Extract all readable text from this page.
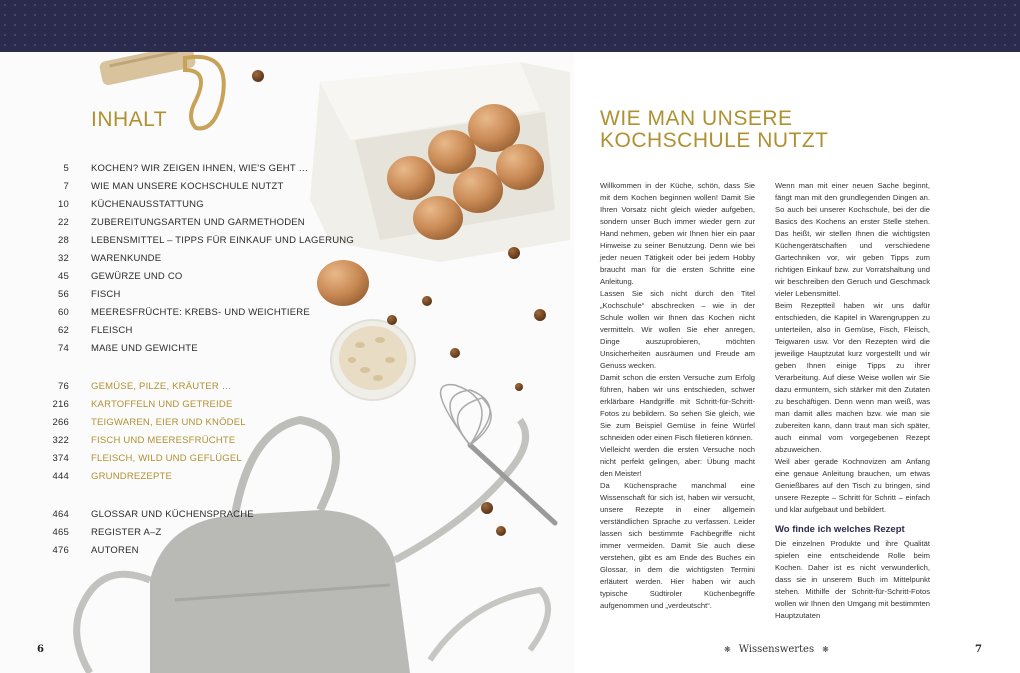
INHALT
5 KOCHEN? WIR ZEIGEN IHNEN, WIE'S GEHT …
7 WIE MAN UNSERE KOCHSCHULE NUTZT
10 KÜCHENAUSSTATTUNG
22 ZUBEREITUNGSARTEN UND GARMETHODEN
28 LEBENSMITTEL – TIPPS FÜR EINKAUF UND LAGERUNG
32 WARENKUNDE
45 GEWÜRZE UND CO
56 FISCH
60 MEERESFRÜCHTE: KREBS- UND WEICHTIERE
62 FLEISCH
74 MAßE UND GEWICHTE
76 GEMÜSE, PILZE, KRÄUTER …
216 KARTOFFELN UND GETREIDE
266 TEIGWAREN, EIER UND KNÖDEL
322 FISCH UND MEERESFRÜCHTE
374 FLEISCH, WILD UND GEFLÜGEL
444 GRUNDREZEPTE
464 GLOSSAR UND KÜCHENSPRACHE
465 REGISTER A–Z
476 AUTOREN
6
WIE MAN UNSERE KOCHSCHULE NUTZT

Willkommen in der Küche, schön, dass Sie mit dem Kochen beginnen wollen! Damit Sie Ihren Vorsatz nicht gleich wieder aufgeben, sondern unser Buch immer wieder gern zur Hand nehmen, geben wir Ihnen hier ein paar Hinweise zu seiner Benutzung. Denn wie bei jeder neuen Tätigkeit oder bei jedem Hobby braucht man für die ersten Schritte eine Anleitung.

Lassen Sie sich nicht durch den Titel „Kochschule“ abschrecken – wie in der Schule wollen wir Ihnen das Kochen nicht vermitteln. Wir wollen Sie eher anregen, Dinge auszuprobieren, möchten Unsicherheiten ausräumen und Freude am Genuss wecken.

Damit schon die ersten Versuche zum Erfolg führen, haben wir uns entschieden, schwer erklärbare Handgriffe mit Schritt-für-Schritt-Fotos zu bebildern. So sehen Sie gleich, wie Sie zum Beispiel Gemüse in feine Würfel schneiden oder einen Fisch filetieren können.

Vielleicht werden die ersten Versuche noch nicht perfekt gelingen, aber: Übung macht den Meister!

Da Küchensprache manchmal eine Wissenschaft für sich ist, haben wir versucht, unsere Rezepte in einer allgemein verständlichen Sprache zu verfassen. Leider lassen sich bestimmte Fachbegriffe nicht immer vermeiden. Damit Sie auch diese verstehen, gibt es am Ende des Buches ein Glossar, in dem die wichtigsten Termini erläutert werden. Hier haben wir auch typische Südtiroler Küchenbegriffe aufgenommen und „verdeutscht“.

Wenn man mit einer neuen Sache beginnt, fängt man mit den grundlegenden Dingen an. So auch bei unserer Kochschule, bei der die Basics des Kochens an erster Stelle stehen. Das heißt, wir stellen Ihnen die wichtigsten Küchengerätschaften und verschiedene Gartechniken vor, wir geben Tipps zum richtigen Einkauf bzw. zur Vorratshaltung und wir beschreiben den Geruch und Geschmack vieler Lebensmittel.

Beim Rezeptteil haben wir uns dafür entschieden, die Kapitel in Warengruppen zu unterteilen, also in Gemüse, Fisch, Fleisch, Teigwaren usw. Vor den Rezepten wird die jeweilige Hauptzutat kurz vorgestellt und wir geben Ihnen einige Tipps zu ihrer Verarbeitung. Auf diese Weise wollen wir Sie dazu ermuntern, sich stärker mit den Zutaten zu beschäftigen. Denn wenn man weiß, was man damit alles machen bzw. wie man sie zubereiten kann, dann traut man sich später, auch einmal vom vorgegebenen Rezept abzuweichen.

Weil aber gerade Kochnovizen am Anfang eine genaue Anleitung brauchen, um etwas Genießbares auf den Tisch zu bringen, sind unsere Rezepte – Schritt für Schritt – einfach und klar aufgebaut und bebildert.

Wo finde ich welches Rezept

Die einzelnen Produkte und ihre Qualität spielen eine entscheidende Rolle beim Kochen. Daher ist es nicht verwunderlich, dass sie in unserem Buch im Mittelpunkt stehen. Mithilfe der Schritt-für-Schritt-Fotos wollen wir Ihnen den Umgang mit bestimmten Hauptzutaten

❋ Wissenswertes ❋	7
